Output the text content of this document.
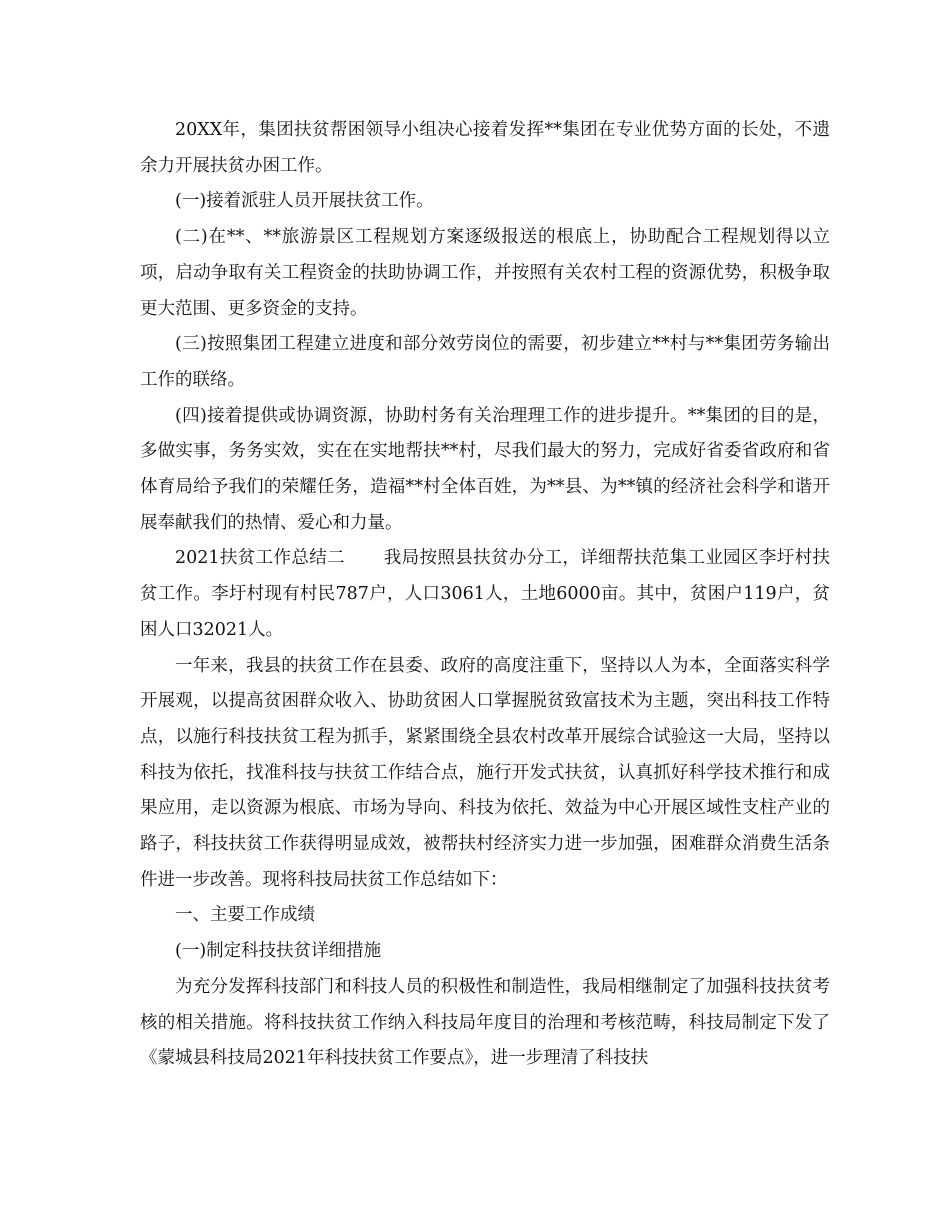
20XX年，集团扶贫帮困领导小组决心接着发挥**集团在专业优势方面的长处，不遗余力开展扶贫办困工作。

(一)接着派驻人员开展扶贫工作。

(二)在**、**旅游景区工程规划方案逐级报送的根底上，协助配合工程规划得以立项，启动争取有关工程资金的扶助协调工作，并按照有关农村工程的资源优势，积极争取更大范围、更多资金的支持。

(三)按照集团工程建立进度和部分效劳岗位的需要，初步建立**村与**集团劳务输出工作的联络。

(四)接着提供或协调资源，协助村务有关治理理工作的进步提升。**集团的目的是，多做实事，务务实效，实在在实地帮扶**村，尽我们最大的努力，完成好省委省政府和省体育局给予我们的荣耀任务，造福**村全体百姓，为**县、为**镇的经济社会科学和谐开展奉献我们的热情、爱心和力量。

2021扶贫工作总结二 我局按照县扶贫办分工，详细帮扶范集工业园区李圩村扶贫工作。李圩村现有村民787户，人口3061人，土地6000亩。其中，贫困户119户，贫困人口32021人。

一年来，我县的扶贫工作在县委、政府的高度注重下，坚持以人为本，全面落实科学开展观，以提高贫困群众收入、协助贫困人口掌握脱贫致富技术为主题，突出科技工作特点，以施行科技扶贫工程为抓手，紧紧围绕全县农村改革开展综合试验这一大局，坚持以科技为依托，找准科技与扶贫工作结合点，施行开发式扶贫，认真抓好科学技术推行和成果应用，走以资源为根底、市场为导向、科技为依托、效益为中心开展区域性支柱产业的路子，科技扶贫工作获得明显成效，被帮扶村经济实力进一步加强，困难群众消费生活条件进一步改善。现将科技局扶贫工作总结如下：

一、主要工作成绩

(一)制定科技扶贫详细措施

为充分发挥科技部门和科技人员的积极性和制造性，我局相继制定了加强科技扶贫考核的相关措施。将科技扶贫工作纳入科技局年度目的治理和考核范畴，科技局制定下发了《蒙城县科技局2021年科技扶贫工作要点》，进一步理清了科技扶
